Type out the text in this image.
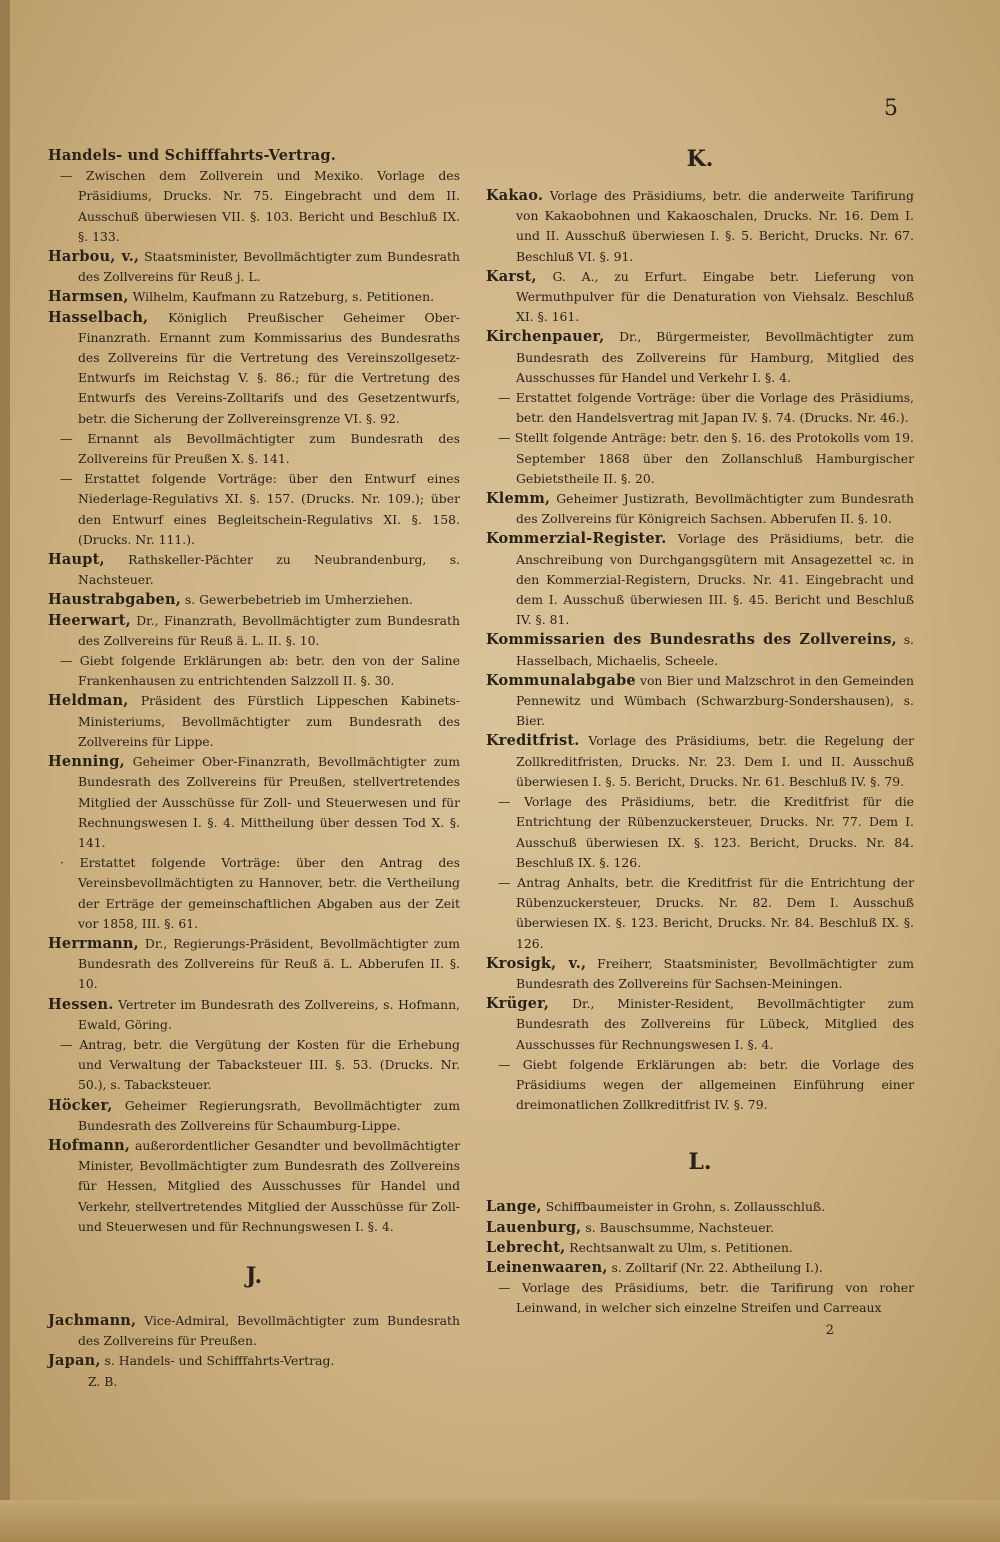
5
Handels- und Schifffahrts-Vertrag.
— Zwischen dem Zollverein und Mexiko. Vorlage des Präsidiums, Drucks. Nr. 75. Eingebracht und dem II. Ausschuß überwiesen VII. §. 103. Bericht und Beschluß IX. §. 133.
Harbou, v., Staatsminister, Bevollmächtigter zum Bundesrath des Zollvereins für Reuß j. L.
Harmsen, Wilhelm, Kaufmann zu Ratzeburg, s. Petitionen.
Hasselbach, Königlich Preußischer Geheimer Ober-Finanzrath. Ernannt zum Kommissarius des Bundesraths des Zollvereins für die Vertretung des Vereinszollgesetz-Entwurfs im Reichstag V. §. 86.; für die Vertretung des Entwurfs des Vereins-Zolltarifs und des Gesetzentwurfs, betr. die Sicherung der Zollvereinsgrenze VI. §. 92.
— Ernannt als Bevollmächtigter zum Bundesrath des Zollvereins für Preußen X. §. 141.
— Erstattet folgende Vorträge: über den Entwurf eines Niederlage-Regulativs XI. §. 157. (Drucks. Nr. 109.); über den Entwurf eines Begleitschein-Regulativs XI. §. 158. (Drucks. Nr. 111.).
Haupt, Rathskeller-Pächter zu Neubrandenburg, s. Nachsteuer.
Haustrabgaben, s. Gewerbebetrieb im Umherziehen.
Heerwart, Dr., Finanzrath, Bevollmächtigter zum Bundesrath des Zollvereins für Reuß ä. L. II. §. 10.
— Giebt folgende Erklärungen ab: betr. den von der Saline Frankenhausen zu entrichtenden Salzzoll II. §. 30.
Heldman, Präsident des Fürstlich Lippeschen Kabinets-Ministeriums, Bevollmächtigter zum Bundesrath des Zollvereins für Lippe.
Henning, Geheimer Ober-Finanzrath, Bevollmächtigter zum Bundesrath des Zollvereins für Preußen, stellvertretendes Mitglied der Ausschüsse für Zoll- und Steuerwesen und für Rechnungswesen I. §. 4. Mittheilung über dessen Tod X. §. 141.
· Erstattet folgende Vorträge: über den Antrag des Vereinsbevollmächtigten zu Hannover, betr. die Vertheilung der Erträge der gemeinschaftlichen Abgaben aus der Zeit vor 1858, III. §. 61.
Herrmann, Dr., Regierungs-Präsident, Bevollmächtigter zum Bundesrath des Zollvereins für Reuß ä. L. Abberufen II. §. 10.
Hessen. Vertreter im Bundesrath des Zollvereins, s. Hofmann, Ewald, Göring.
— Antrag, betr. die Vergütung der Kosten für die Erhebung und Verwaltung der Tabacksteuer III. §. 53. (Drucks. Nr. 50.), s. Tabacksteuer.
Höcker, Geheimer Regierungsrath, Bevollmächtigter zum Bundesrath des Zollvereins für Schaumburg-Lippe.
Hofmann, außerordentlicher Gesandter und bevollmächtigter Minister, Bevollmächtigter zum Bundesrath des Zollvereins für Hessen, Mitglied des Ausschusses für Handel und Verkehr, stellvertretendes Mitglied der Ausschüsse für Zoll- und Steuerwesen und für Rechnungswesen I. §. 4.
J.
Jachmann, Vice-Admiral, Bevollmächtigter zum Bundesrath des Zollvereins für Preußen.
Japan, s. Handels- und Schifffahrts-Vertrag.
Z. B.
K.
Kakao. Vorlage des Präsidiums, betr. die anderweite Tarifirung von Kakaobohnen und Kakaoschalen, Drucks. Nr. 16. Dem I. und II. Ausschuß überwiesen I. §. 5. Bericht, Drucks. Nr. 67. Beschluß VI. §. 91.
Karst, G. A., zu Erfurt. Eingabe betr. Lieferung von Wermuthpulver für die Denaturation von Viehsalz. Beschluß XI. §. 161.
Kirchenpauer, Dr., Bürgermeister, Bevollmächtigter zum Bundesrath des Zollvereins für Hamburg, Mitglied des Ausschusses für Handel und Verkehr I. §. 4.
— Erstattet folgende Vorträge: über die Vorlage des Präsidiums, betr. den Handelsvertrag mit Japan IV. §. 74. (Drucks. Nr. 46.).
— Stellt folgende Anträge: betr. den §. 16. des Protokolls vom 19. September 1868 über den Zollanschluß Hamburgischer Gebietstheile II. §. 20.
Klemm, Geheimer Justizrath, Bevollmächtigter zum Bundesrath des Zollvereins für Königreich Sachsen. Abberufen II. §. 10.
Kommerzial-Register. Vorlage des Präsidiums, betr. die Anschreibung von Durchgangsgütern mit Ansagezettel ꝛc. in den Kommerzial-Registern, Drucks. Nr. 41. Eingebracht und dem I. Ausschuß überwiesen III. §. 45. Bericht und Beschluß IV. §. 81.
Kommissarien des Bundesraths des Zollvereins, s. Hasselbach, Michaelis, Scheele.
Kommunalabgabe von Bier und Malzschrot in den Gemeinden Pennewitz und Wümbach (Schwarzburg-Sondershausen), s. Bier.
Kreditfrist. Vorlage des Präsidiums, betr. die Regelung der Zollkreditfristen, Drucks. Nr. 23. Dem I. und II. Ausschuß überwiesen I. §. 5. Bericht, Drucks. Nr. 61. Beschluß IV. §. 79.
— Vorlage des Präsidiums, betr. die Kreditfrist für die Entrichtung der Rübenzuckersteuer, Drucks. Nr. 77. Dem I. Ausschuß überwiesen IX. §. 123. Bericht, Drucks. Nr. 84. Beschluß IX. §. 126.
— Antrag Anhalts, betr. die Kreditfrist für die Entrichtung der Rübenzuckersteuer, Drucks. Nr. 82. Dem I. Ausschuß überwiesen IX. §. 123. Bericht, Drucks. Nr. 84. Beschluß IX. §. 126.
Krosigk, v., Freiherr, Staatsminister, Bevollmächtigter zum Bundesrath des Zollvereins für Sachsen-Meiningen.
Krüger, Dr., Minister-Resident, Bevollmächtigter zum Bundesrath des Zollvereins für Lübeck, Mitglied des Ausschusses für Rechnungswesen I. §. 4.
— Giebt folgende Erklärungen ab: betr. die Vorlage des Präsidiums wegen der allgemeinen Einführung einer dreimonatlichen Zollkreditfrist IV. §. 79.
L.
Lange, Schiffbaumeister in Grohn, s. Zollausschluß.
Lauenburg, s. Bauschsumme, Nachsteuer.
Lebrecht, Rechtsanwalt zu Ulm, s. Petitionen.
Leinenwaaren, s. Zolltarif (Nr. 22. Abtheilung I.).
— Vorlage des Präsidiums, betr. die Tarifirung von roher Leinwand, in welcher sich einzelne Streifen und Carreaux
2
